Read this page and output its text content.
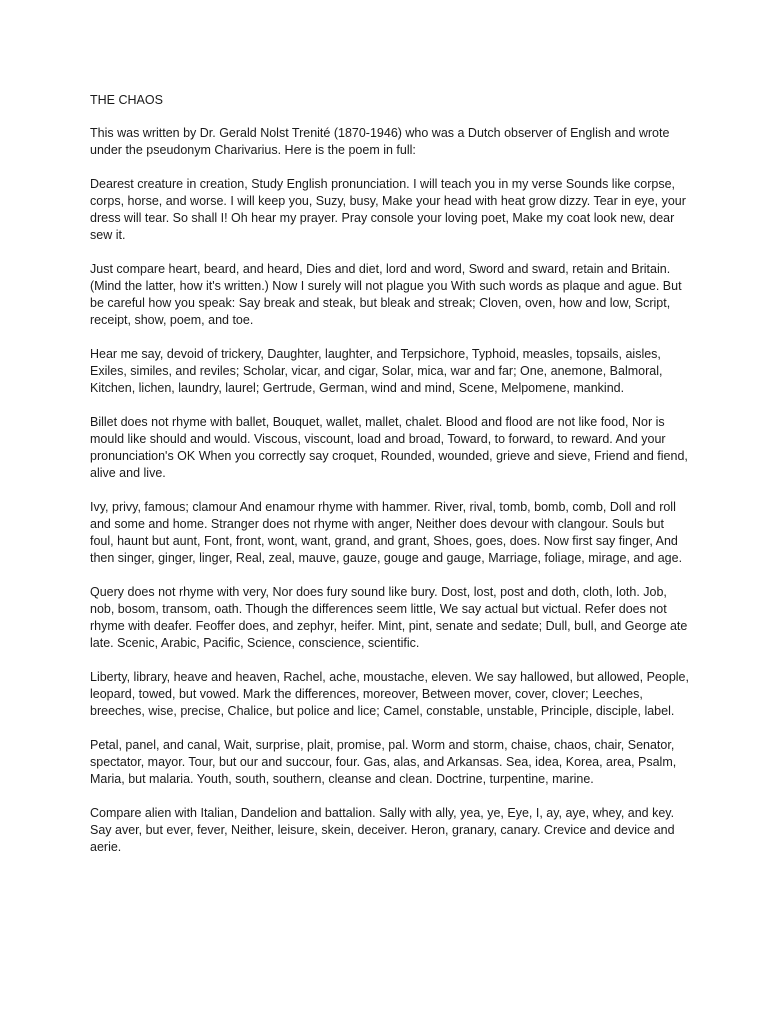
THE CHAOS

This was written by Dr. Gerald Nolst Trenité (1870-1946) who was a Dutch observer of English and wrote under the pseudonym Charivarius. Here is the poem in full:

Dearest creature in creation, Study English pronunciation. I will teach you in my verse Sounds like corpse, corps, horse, and worse. I will keep you, Suzy, busy, Make your head with heat grow dizzy. Tear in eye, your dress will tear. So shall I! Oh hear my prayer. Pray console your loving poet, Make my coat look new, dear sew it.

Just compare heart, beard, and heard, Dies and diet, lord and word, Sword and sward, retain and Britain. (Mind the latter, how it's written.) Now I surely will not plague you With such words as plaque and ague. But be careful how you speak: Say break and steak, but bleak and streak; Cloven, oven, how and low, Script, receipt, show, poem, and toe.

Hear me say, devoid of trickery, Daughter, laughter, and Terpsichore, Typhoid, measles, topsails, aisles, Exiles, similes, and reviles; Scholar, vicar, and cigar, Solar, mica, war and far; One, anemone, Balmoral, Kitchen, lichen, laundry, laurel; Gertrude, German, wind and mind, Scene, Melpomene, mankind.

Billet does not rhyme with ballet, Bouquet, wallet, mallet, chalet. Blood and flood are not like food, Nor is mould like should and would. Viscous, viscount, load and broad, Toward, to forward, to reward. And your pronunciation's OK When you correctly say croquet, Rounded, wounded, grieve and sieve, Friend and fiend, alive and live.

Ivy, privy, famous; clamour And enamour rhyme with hammer. River, rival, tomb, bomb, comb, Doll and roll and some and home. Stranger does not rhyme with anger, Neither does devour with clangour. Souls but foul, haunt but aunt, Font, front, wont, want, grand, and grant, Shoes, goes, does. Now first say finger, And then singer, ginger, linger, Real, zeal, mauve, gauze, gouge and gauge, Marriage, foliage, mirage, and age.

Query does not rhyme with very, Nor does fury sound like bury. Dost, lost, post and doth, cloth, loth. Job, nob, bosom, transom, oath. Though the differences seem little, We say actual but victual. Refer does not rhyme with deafer. Feoffer does, and zephyr, heifer. Mint, pint, senate and sedate; Dull, bull, and George ate late. Scenic, Arabic, Pacific, Science, conscience, scientific.

Liberty, library, heave and heaven, Rachel, ache, moustache, eleven. We say hallowed, but allowed, People, leopard, towed, but vowed. Mark the differences, moreover, Between mover, cover, clover; Leeches, breeches, wise, precise, Chalice, but police and lice; Camel, constable, unstable, Principle, disciple, label.

Petal, panel, and canal, Wait, surprise, plait, promise, pal. Worm and storm, chaise, chaos, chair, Senator, spectator, mayor. Tour, but our and succour, four. Gas, alas, and Arkansas. Sea, idea, Korea, area, Psalm, Maria, but malaria. Youth, south, southern, cleanse and clean. Doctrine, turpentine, marine.

Compare alien with Italian, Dandelion and battalion. Sally with ally, yea, ye, Eye, I, ay, aye, whey, and key. Say aver, but ever, fever, Neither, leisure, skein, deceiver. Heron, granary, canary. Crevice and device and aerie.
